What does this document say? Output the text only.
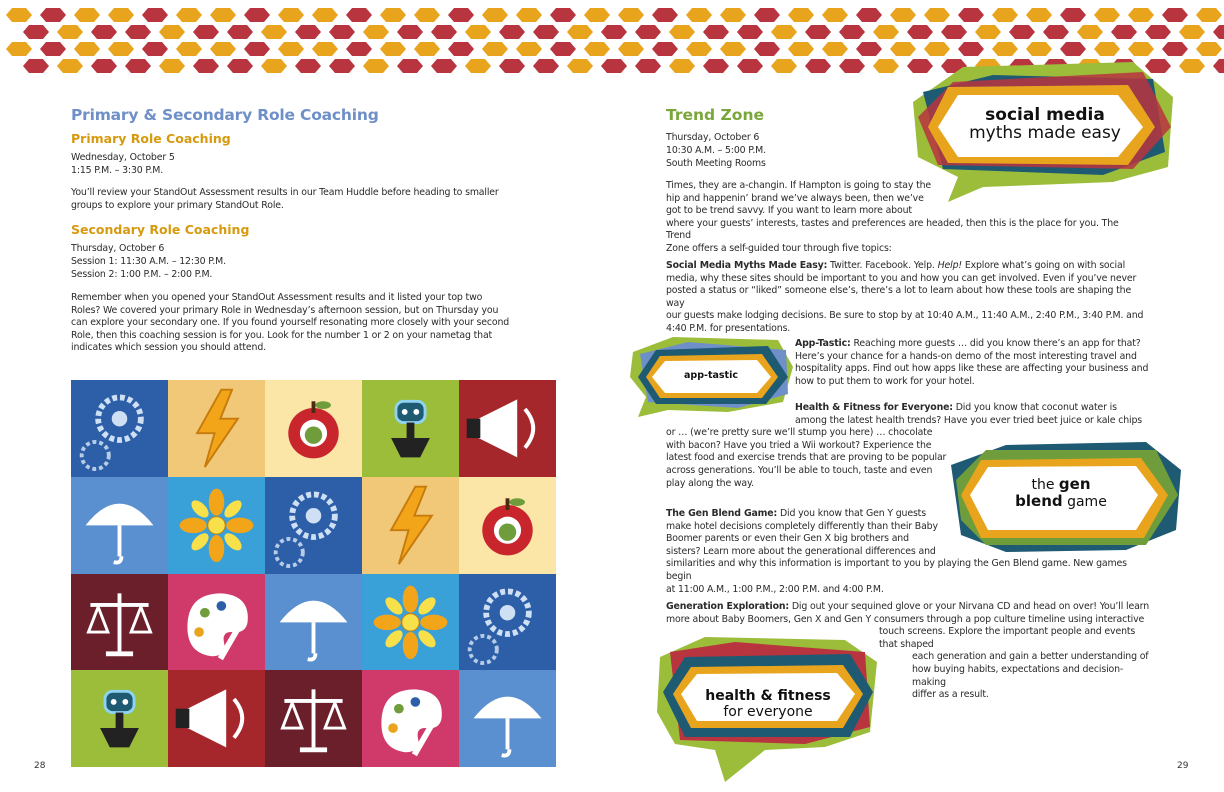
Primary & Secondary Role Coaching
Primary Role Coaching
Wednesday, October 5
1:15 P.M. – 3:30 P.M.
You’ll review your StandOut Assessment results in our Team Huddle before heading to smaller groups to explore your primary StandOut Role.
Secondary Role Coaching
Thursday, October 6
Session 1: 11:30 A.M. – 12:30 P.M.
Session 2: 1:00 P.M. – 2:00 P.M.
Remember when you opened your StandOut Assessment results and it listed your top two Roles? We covered your primary Role in Wednesday’s afternoon session, but on Thursday you can explore your secondary one. If you found yourself resonating more closely with your second Role, then this coaching session is for you. Look for the number 1 or 2 on your nametag that indicates which session you should attend.
28
Trend Zone
Thursday, October 6
10:30 A.M. – 5:00 P.M.
South Meeting Rooms
Times, they are a-changin. If Hampton is going to stay the
hip and happenin’ brand we’ve always been, then we’ve
got to be trend savvy. If you want to learn more about
where your guests’ interests, tastes and preferences are headed, then this is the place for you. The Trend
Zone offers a self-guided tour through five topics:
Social Media Myths Made Easy: Twitter. Facebook. Yelp. Help! Explore what’s going on with social
media, why these sites should be important to you and how you can get involved. Even if you’ve never
posted a status or “liked” someone else’s, there’s a lot to learn about how these tools are shaping the way
our guests make lodging decisions. Be sure to stop by at 10:40 A.M., 11:40 A.M., 2:40 P.M., 3:40 P.M. and
4:40 P.M. for presentations.
App-Tastic: Reaching more guests … did you know there’s an app for that?
Here’s your chance for a hands-on demo of the most interesting travel and
hospitality apps. Find out how apps like these are affecting your business and
how to put them to work for your hotel.
Health & Fitness for Everyone: Did you know that coconut water is
among the latest health trends? Have you ever tried beet juice or kale chips
or … (we’re pretty sure we’ll stump you here) … chocolate
with bacon? Have you tried a Wii workout? Experience the
latest food and exercise trends that are proving to be popular
across generations. You’ll be able to touch, taste and even
play along the way.
The Gen Blend Game: Did you know that Gen Y guests
make hotel decisions completely differently than their Baby
Boomer parents or even their Gen X big brothers and
sisters? Learn more about the generational differences and
similarities and why this information is important to you by playing the Gen Blend game. New games begin
at 11:00 A.M., 1:00 P.M., 2:00 P.M. and 4:00 P.M.
Generation Exploration: Dig out your sequined glove or your Nirvana CD and head on over! You’ll learn
more about Baby Boomers, Gen X and Gen Y consumers through a pop culture timeline using interactive
touch screens. Explore the important people and events that shaped
each generation and gain a better understanding of
how buying habits, expectations and decision-making
differ as a result.
social media
myths made easy
app-tastic
the gen
blend game
health & fitness
for everyone
29
